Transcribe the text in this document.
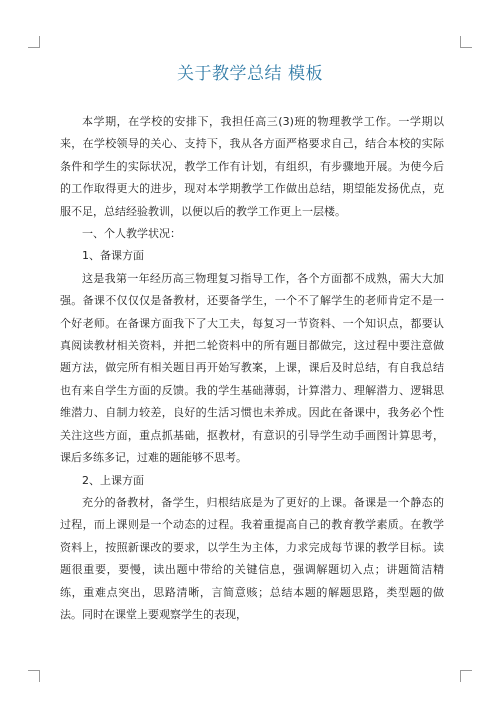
关于教学总结 模板

本学期，在学校的安排下，我担任高三(3)班的物理教学工作。一学期以来，在学校领导的关心、支持下，我从各方面严格要求自己，结合本校的实际条件和学生的实际状况，教学工作有计划，有组织，有步骤地开展。为使今后的工作取得更大的进步，现对本学期教学工作做出总结，期望能发扬优点，克服不足，总结经验教训，以便以后的教学工作更上一层楼。

一、个人教学状况：

1、备课方面

这是我第一年经历高三物理复习指导工作，各个方面都不成熟，需大大加强。备课不仅仅仅是备教材，还要备学生，一个不了解学生的老师肯定不是一个好老师。在备课方面我下了大工夫，每复习一节资料、一个知识点，都要认真阅读教材相关资料，并把二轮资料中的所有题目都做完，这过程中要注意做题方法，做完所有相关题目再开始写教案，上课，课后及时总结，有自我总结也有来自学生方面的反馈。我的学生基础薄弱，计算潜力、理解潜力、逻辑思维潜力、自制力较差，良好的生活习惯也未养成。因此在备课中，我务必个性关注这些方面，重点抓基础，抠教材，有意识的引导学生动手画图计算思考，课后多练多记，过难的题能够不思考。

2、上课方面

充分的备教材，备学生，归根结底是为了更好的上课。备课是一个静态的过程，而上课则是一个动态的过程。我着重提高自己的教育教学素质。在教学资料上，按照新课改的要求，以学生为主体，力求完成每节课的教学目标。读题很重要，要慢，读出题中带给的关键信息，强调解题切入点；讲题简洁精练，重难点突出，思路清晰，言简意赅；总结本题的解题思路，类型题的做法。同时在课堂上要观察学生的表现，
